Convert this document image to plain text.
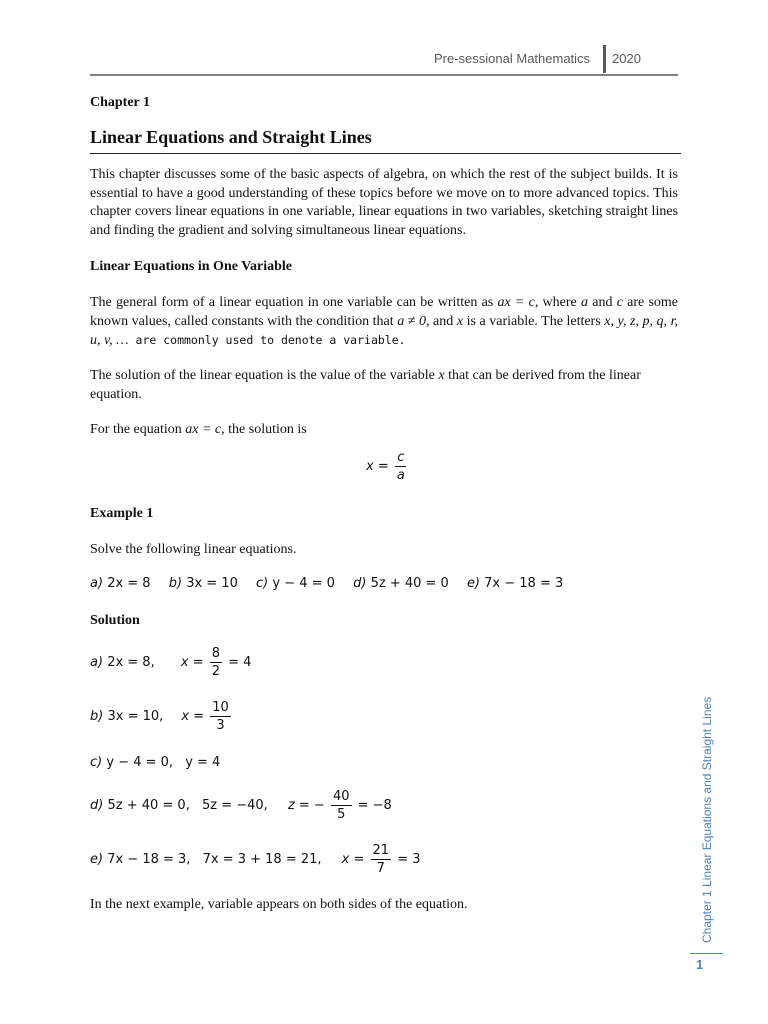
Pre-sessional Mathematics 2020
Chapter 1
Linear Equations and Straight Lines
This chapter discusses some of the basic aspects of algebra, on which the rest of the subject builds. It is essential to have a good understanding of these topics before we move on to more advanced topics. This chapter covers linear equations in one variable, linear equations in two variables, sketching straight lines and finding the gradient and solving simultaneous linear equations.
Linear Equations in One Variable
The general form of a linear equation in one variable can be written as ax = c, where a and c are some known values, called constants with the condition that a ≠ 0, and x is a variable. The letters x, y, z, p, q, r, u, v, … are commonly used to denote a variable.
The solution of the linear equation is the value of the variable x that can be derived from the linear equation.
For the equation ax = c, the solution is
$x = \frac{c}{a}$
Example 1
Solve the following linear equations.
a) 2x = 8 b) 3x = 10 c) y − 4 = 0 d) 5z + 40 = 0 e) 7x − 18 = 3
Solution
a) 2x = 8, $x = \frac{8}{2} = 4$
b) 3x = 10, $x = \frac{10}{3}$
c) y − 4 = 0, y = 4
d) 5z + 40 = 0, 5z = −40, z = − $\frac{40}{5} = -8$
e) 7x − 18 = 3, 7x = 3 + 18 = 21, $x = \frac{21}{7} = 3$
In the next example, variable appears on both sides of the equation.	Chapter 1 Linear Equations and Straight Lines
1
